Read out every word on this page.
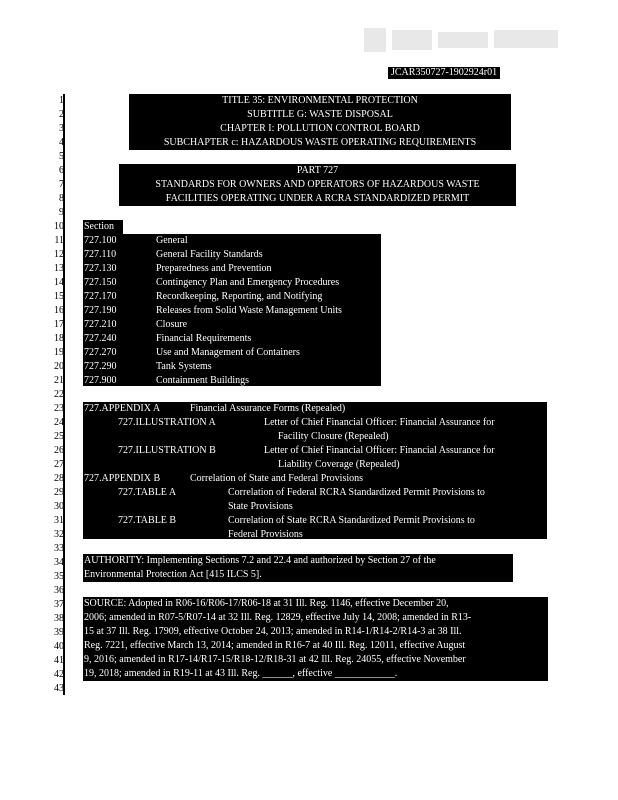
JCAR350727-1902924r01
1
2
3
4
5
6
7
8
9
10
11
12
13
14
15
16
17
18
19
20
21
22
23
24
25
26
27
28
29
30
31
32
33
34
35
36
37
38
39
40
41
42
43
TITLE 35: ENVIRONMENTAL PROTECTION
SUBTITLE G: WASTE DISPOSAL
CHAPTER I: POLLUTION CONTROL BOARD
SUBCHAPTER c: HAZARDOUS WASTE OPERATING REQUIREMENTS
PART 727
STANDARDS FOR OWNERS AND OPERATORS OF HAZARDOUS WASTE
FACILITIES OPERATING UNDER A RCRA STANDARDIZED PERMIT
Section
727.100	General
727.110	General Facility Standards
727.130	Preparedness and Prevention
727.150	Contingency Plan and Emergency Procedures
727.170	Recordkeeping, Reporting, and Notifying
727.190	Releases from Solid Waste Management Units
727.210	Closure
727.240	Financial Requirements
727.270	Use and Management of Containers
727.290	Tank Systems
727.900	Containment Buildings
727.APPENDIX A	Financial Assurance Forms (Repealed)
727.ILLUSTRATION A	Letter of Chief Financial Officer: Financial Assurance for
Facility Closure (Repealed)
727.ILLUSTRATION B	Letter of Chief Financial Officer: Financial Assurance for
Liability Coverage (Repealed)
727.APPENDIX B	Correlation of State and Federal Provisions
727.TABLE A	Correlation of Federal RCRA Standardized Permit Provisions to
State Provisions
727.TABLE B	Correlation of State RCRA Standardized Permit Provisions to
Federal Provisions
AUTHORITY: Implementing Sections 7.2 and 22.4 and authorized by Section 27 of the
Environmental Protection Act [415 ILCS 5].
SOURCE: Adopted in R06-16/R06-17/R06-18 at 31 Ill. Reg. 1146, effective December 20,
2006; amended in R07-5/R07-14 at 32 Ill. Reg. 12829, effective July 14, 2008; amended in R13-
15 at 37 Ill. Reg. 17909, effective October 24, 2013; amended in R14-1/R14-2/R14-3 at 38 Ill.
Reg. 7221, effective March 13, 2014; amended in R16-7 at 40 Ill. Reg. 12011, effective August
9, 2016; amended in R17-14/R17-15/R18-12/R18-31 at 42 Ill. Reg. 24055, effective November
19, 2018; amended in R19-11 at 43 Ill. Reg. ______, effective ____________.
